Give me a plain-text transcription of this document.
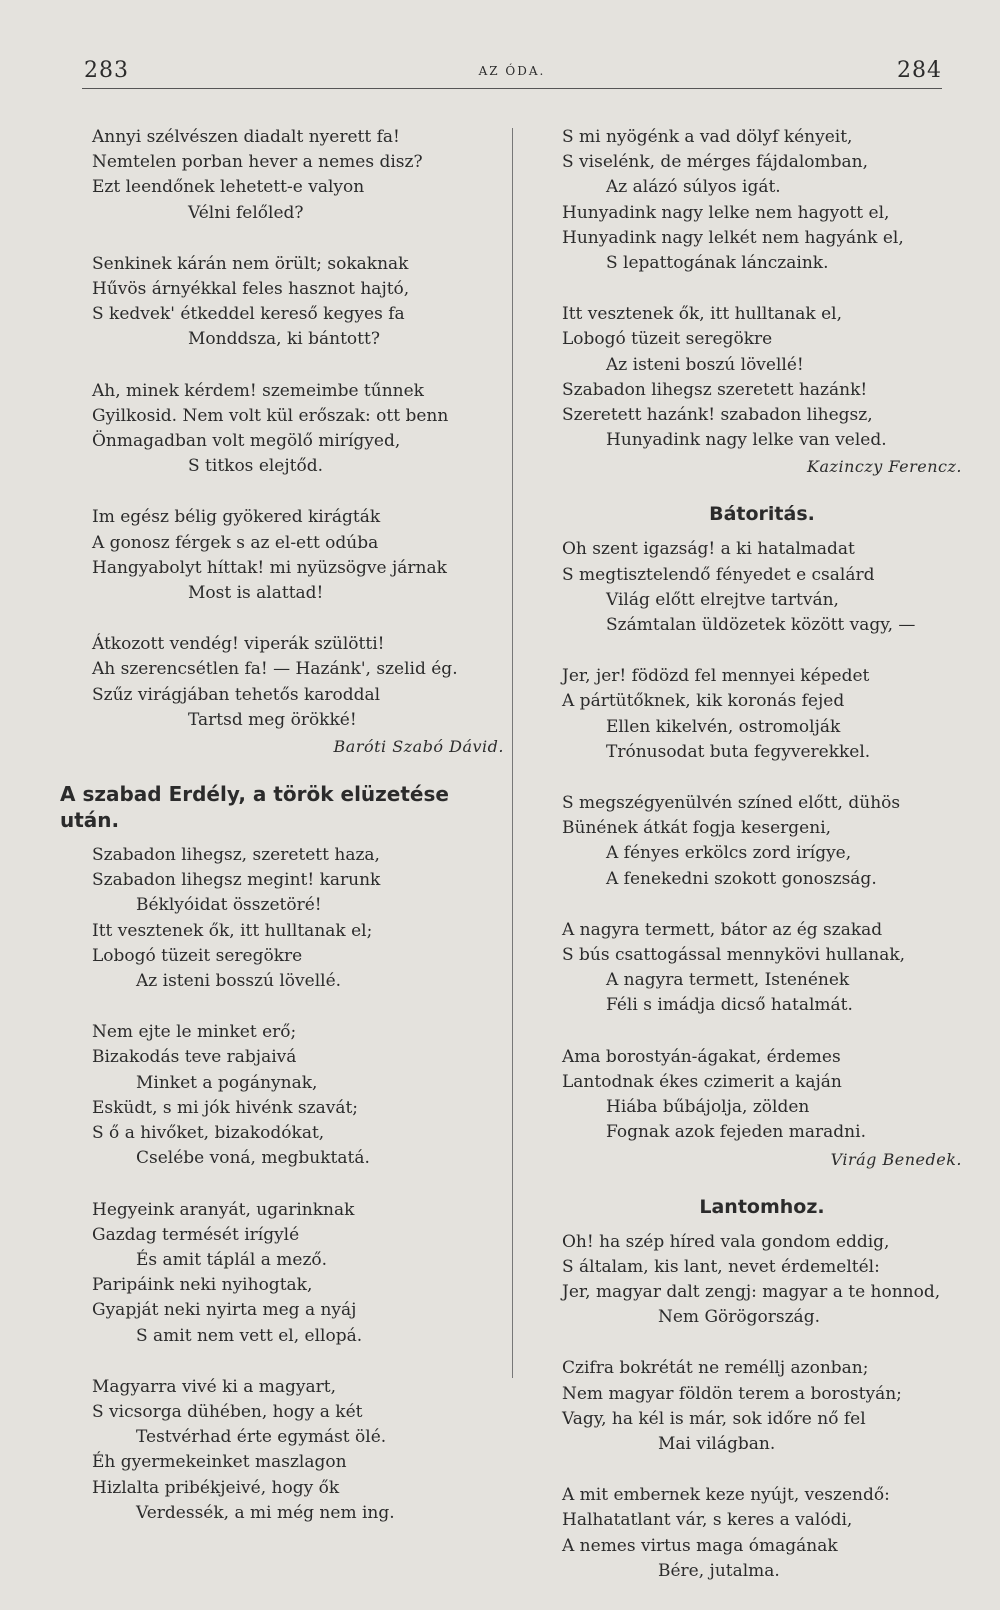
283	AZ ÓDA.	284
Annyi szélvészen diadalt nyerett fa!
Nemtelen porban hever a nemes disz?
Ezt leendőnek lehetett-e valyon
Vélni felőled?
Senkinek kárán nem örült; sokaknak
Hűvös árnyékkal feles hasznot hajtó,
S kedvek' étkeddel kereső kegyes fa
Monddsza, ki bántott?
Ah, minek kérdem! szemeimbe tűnnek
Gyilkosid. Nem volt kül erőszak: ott benn
Önmagadban volt megölő mirígyed,
S titkos elejtőd.
Im egész bélig gyökered kirágták
A gonosz férgek s az el-ett odúba
Hangyabolyt híttak! mi nyüzsögve járnak
Most is alattad!
Átkozott vendég! viperák szülötti!
Ah szerencsétlen fa! — Hazánk', szelid ég.
Szűz virágjában tehetős karoddal
Tartsd meg örökké!
Baróti Szabó Dávid.
A szabad Erdély, a török elüzetése után.
Szabadon lihegsz, szeretett haza,
Szabadon lihegsz megint! karunk
Béklyóidat összetöré!
Itt vesztenek ők, itt hulltanak el;
Lobogó tüzeit seregökre
Az isteni bosszú lövellé.
Nem ejte le minket erő;
Bizakodás teve rabjaivá
Minket a pogánynak,
Esküdt, s mi jók hivénk szavát;
S ő a hivőket, bizakodókat,
Cselébe voná, megbuktatá.
Hegyeink aranyát, ugarinknak
Gazdag termését irígylé
És amit táplál a mező.
Paripáink neki nyihogtak,
Gyapját neki nyirta meg a nyáj
S amit nem vett el, ellopá.
Magyarra vivé ki a magyart,
S vicsorga dühében, hogy a két
Testvérhad érte egymást ölé.
Éh gyermekeinket maszlagon
Hizlalta pribékjeivé, hogy ők
Verdessék, a mi még nem ing.
S mi nyögénk a vad dölyf kényeit,
S viselénk, de mérges fájdalomban,
Az alázó súlyos igát.
Hunyadink nagy lelke nem hagyott el,
Hunyadink nagy lelkét nem hagyánk el,
S lepattogának lánczaink.
Itt vesztenek ők, itt hulltanak el,
Lobogó tüzeit seregökre
Az isteni boszú lövellé!
Szabadon lihegsz szeretett hazánk!
Szeretett hazánk! szabadon lihegsz,
Hunyadink nagy lelke van veled.
Kazinczy Ferencz.
Bátoritás.
Oh szent igazság! a ki hatalmadat
S megtisztelendő fényedet e csalárd
Világ előtt elrejtve tartván,
Számtalan üldözetek között vagy, —
Jer, jer! födözd fel mennyei képedet
A pártütőknek, kik koronás fejed
Ellen kikelvén, ostromolják
Trónusodat buta fegyverekkel.
S megszégyenülvén színed előtt, dühös
Bünének átkát fogja kesergeni,
A fényes erkölcs zord irígye,
A fenekedni szokott gonoszság.
A nagyra termett, bátor az ég szakad
S bús csattogással mennykövi hullanak,
A nagyra termett, Istenének
Féli s imádja dicső hatalmát.
Ama borostyán-ágakat, érdemes
Lantodnak ékes czimerit a kaján
Hiába bűbájolja, zölden
Fognak azok fejeden maradni.
Virág Benedek.
Lantomhoz.
Oh! ha szép híred vala gondom eddig,
S általam, kis lant, nevet érdemeltél:
Jer, magyar dalt zengj: magyar a te honnod,
Nem Görögország.
Czifra bokrétát ne reméllj azonban;
Nem magyar földön terem a borostyán;
Vagy, ha kél is már, sok időre nő fel
Mai világban.
A mit embernek keze nyújt, veszendő:
Halhatatlant vár, s keres a valódi,
A nemes virtus maga ómagának
Bére, jutalma.
